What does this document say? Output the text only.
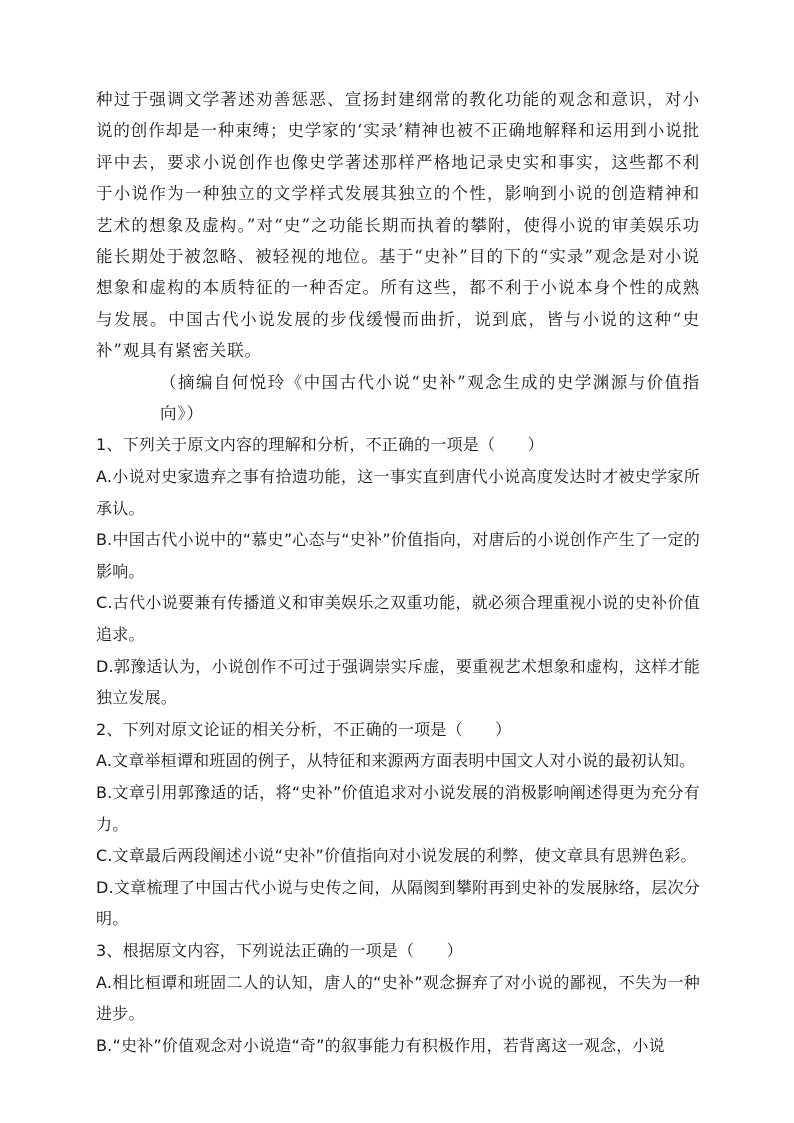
种过于强调文学著述劝善惩恶、宣扬封建纲常的教化功能的观念和意识，对小说的创作却是一种束缚；史学家的‘实录’精神也被不正确地解释和运用到小说批评中去，要求小说创作也像史学著述那样严格地记录史实和事实，这些都不利于小说作为一种独立的文学样式发展其独立的个性，影响到小说的创造精神和艺术的想象及虚构。”对“史”之功能长期而执着的攀附，使得小说的审美娱乐功能长期处于被忽略、被轻视的地位。基于“史补”目的下的“实录”观念是对小说想象和虚构的本质特征的一种否定。所有这些，都不利于小说本身个性的成熟与发展。中国古代小说发展的步伐缓慢而曲折，说到底，皆与小说的这种“史补”观具有紧密关联。

（摘编自何悦玲《中国古代小说“史补”观念生成的史学渊源与价值指向》）

1、下列关于原文内容的理解和分析，不正确的一项是（　　）

A.小说对史家遗弃之事有拾遗功能，这一事实直到唐代小说高度发达时才被史学家所承认。

B.中国古代小说中的“慕史”心态与“史补”价值指向，对唐后的小说创作产生了一定的影响。

C.古代小说要兼有传播道义和审美娱乐之双重功能，就必须合理重视小说的史补价值追求。

D.郭豫适认为，小说创作不可过于强调崇实斥虚，要重视艺术想象和虚构，这样才能独立发展。

2、下列对原文论证的相关分析，不正确的一项是（　　）

A.文章举桓谭和班固的例子，从特征和来源两方面表明中国文人对小说的最初认知。

B.文章引用郭豫适的话，将“史补”价值追求对小说发展的消极影响阐述得更为充分有力。

C.文章最后两段阐述小说“史补”价值指向对小说发展的利弊，使文章具有思辨色彩。

D.文章梳理了中国古代小说与史传之间，从隔阂到攀附再到史补的发展脉络，层次分明。

3、根据原文内容，下列说法正确的一项是（　　）

A.相比桓谭和班固二人的认知，唐人的“史补”观念摒弃了对小说的鄙视，不失为一种进步。

B.“史补”价值观念对小说造“奇”的叙事能力有积极作用，若背离这一观念，小说
